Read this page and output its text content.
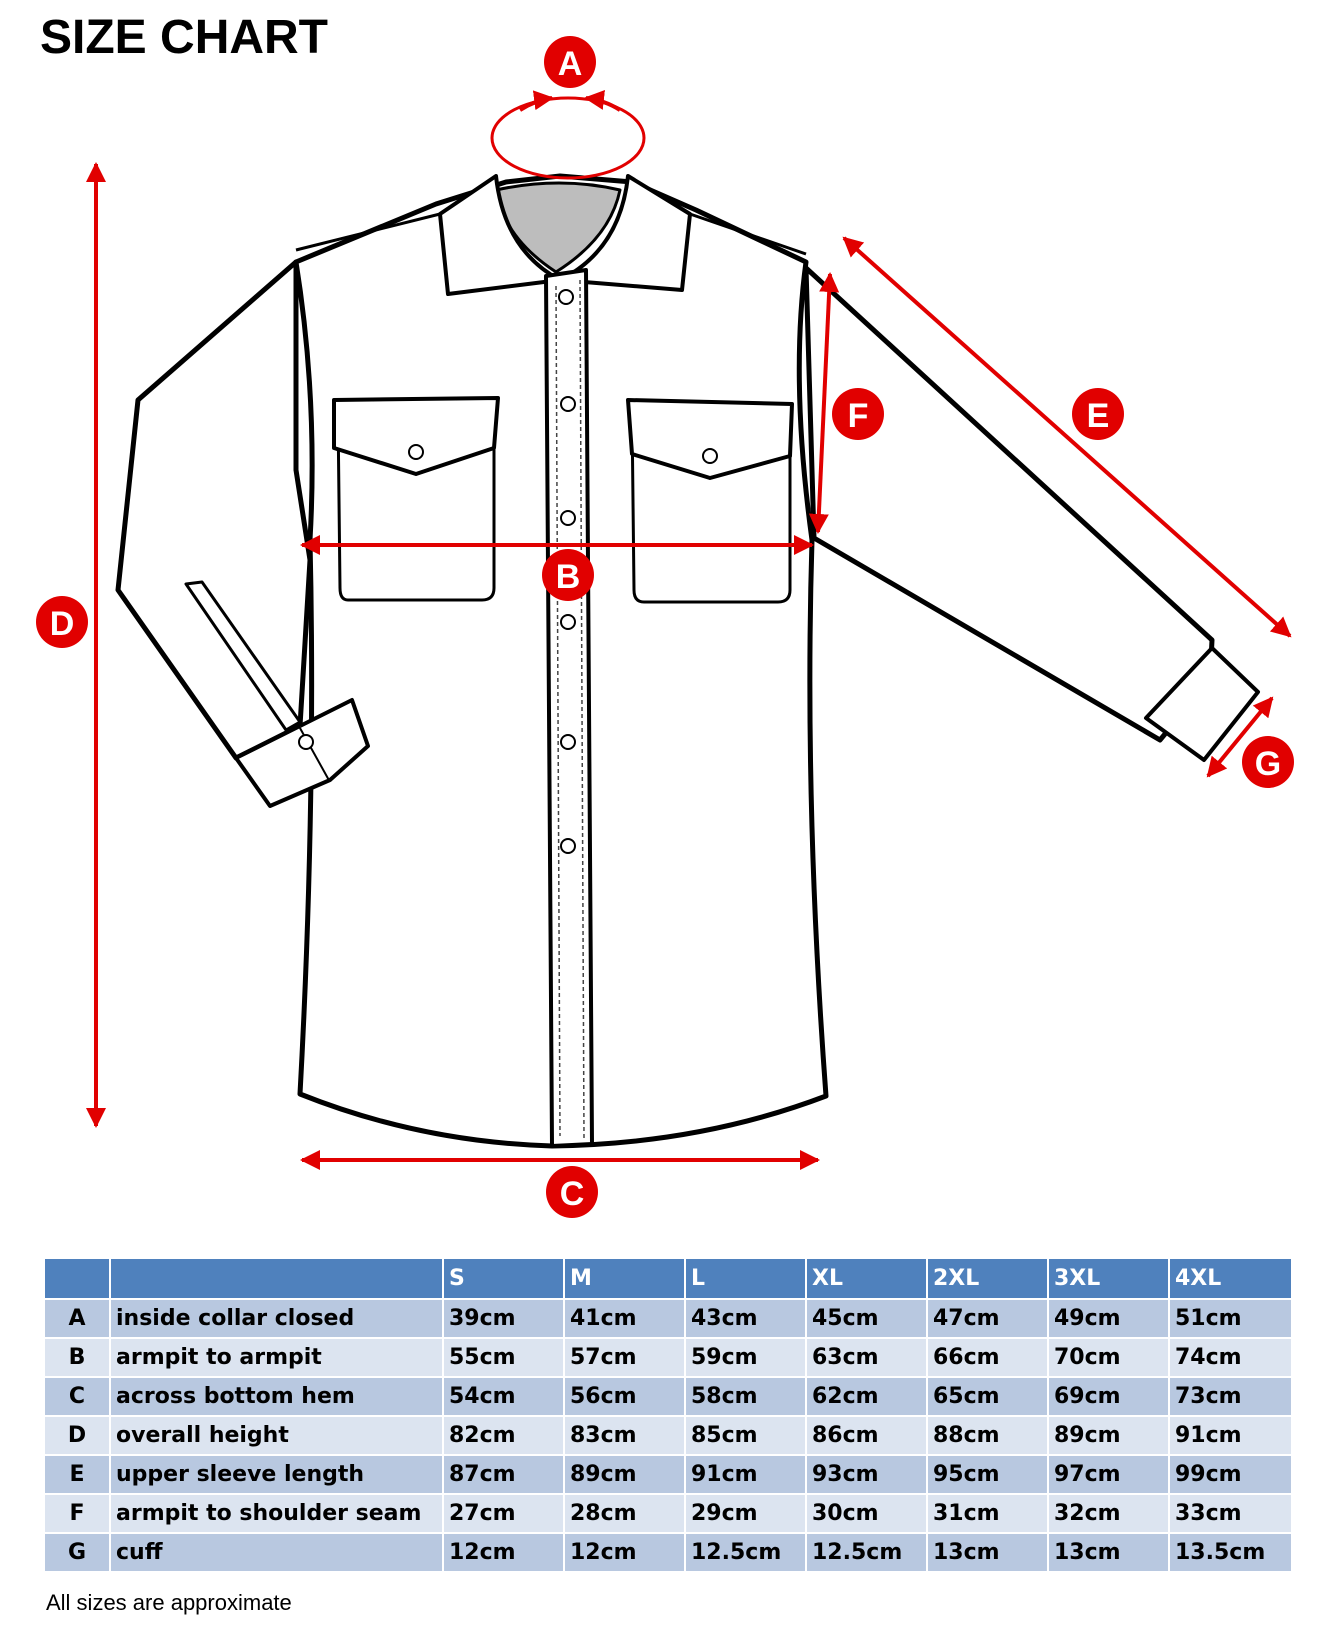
SIZE CHART	A
B
C
D
E
F
G
		S	M	L	XL	2XL	3XL	4XL
A	inside collar closed	39cm	41cm	43cm	45cm	47cm	49cm	51cm
B	armpit to armpit	55cm	57cm	59cm	63cm	66cm	70cm	74cm
C	across bottom hem	54cm	56cm	58cm	62cm	65cm	69cm	73cm
D	overall height	82cm	83cm	85cm	86cm	88cm	89cm	91cm
E	upper sleeve length	87cm	89cm	91cm	93cm	95cm	97cm	99cm
F	armpit to shoulder seam	27cm	28cm	29cm	30cm	31cm	32cm	33cm
G	cuff	12cm	12cm	12.5cm	12.5cm	13cm	13cm	13.5cm
All sizes are approximate
